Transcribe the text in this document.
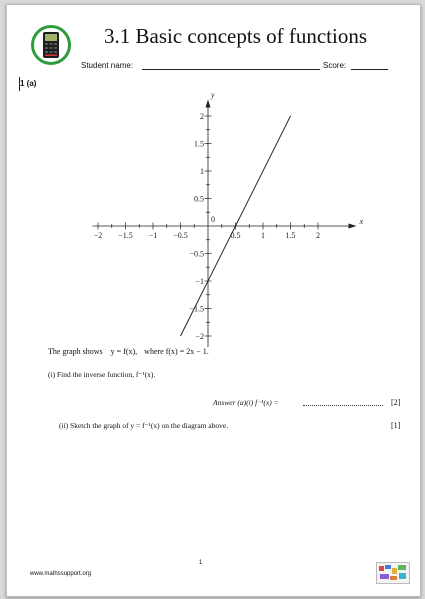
3.1 Basic concepts of functions
Student name:	Score:
1 (a)
x
y
0
−2 −1.5 −1 −0.5	0.5	1	1.5	2
2
1.5
1
0.5
−0.5
−1
−1.5
−2
The graph shows y = f(x), where f(x) = 2x − 1.
(i) Find the inverse function, f⁻¹(x).
Answer (a)(i) f⁻¹(x) =	[2]
(ii) Sketch the graph of y = f⁻¹(x) on the diagram above.	[1]
1
www.mathssupport.org
